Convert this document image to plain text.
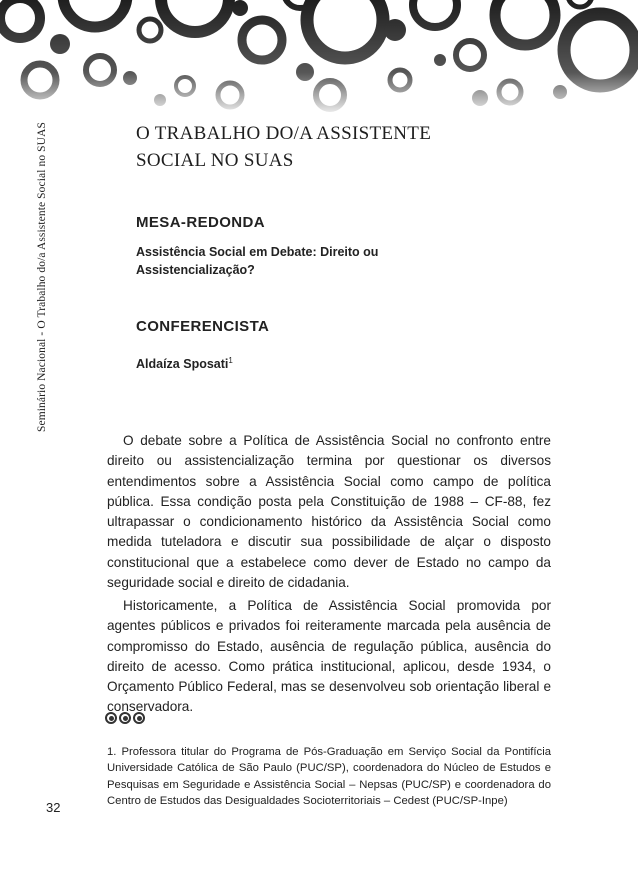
Seminário Nacional - O Trabalho do/a Assistente Social no SUAS	O TRABALHO DO/A ASSISTENTE
SOCIAL NO SUAS
MESA-REDONDA
Assistência Social em Debate: Direito ou
Assistencialização?
CONFERENCISTA
Aldaíza Sposati$^1$

O debate sobre a Política de Assistência Social no confronto entre direito ou assistencialização termina por questionar os diversos entendimentos sobre a Assistência Social como campo de política pública. Essa condição posta pela Constituição de 1988 – CF-88, fez ultrapassar o condicionamento histórico da Assistência Social como medida tuteladora e discutir sua possibilidade de alçar o disposto constitucional que a estabelece como dever de Estado no campo da seguridade social e direito de cidadania.

Historicamente, a Política de Assistência Social promovida por agentes públicos e privados foi reiteramente marcada pela ausência de compromisso do Estado, ausência de regulação pública, ausência do direito de acesso. Como prática institucional, aplicou, desde 1934, o Orçamento Público Federal, mas se desenvolveu sob orientação liberal e conservadora.

1. Professora titular do Programa de Pós-Graduação em Serviço Social da Pontifícia Universidade Católica de São Paulo (PUC/SP), coordenadora do Núcleo de Estudos e Pesquisas em Seguridade e Assistência Social – Nepsas (PUC/SP) e coordenadora do Centro de Estudos das Desigualdades Socioterritoriais – Cedest (PUC/SP-Inpe)
32
